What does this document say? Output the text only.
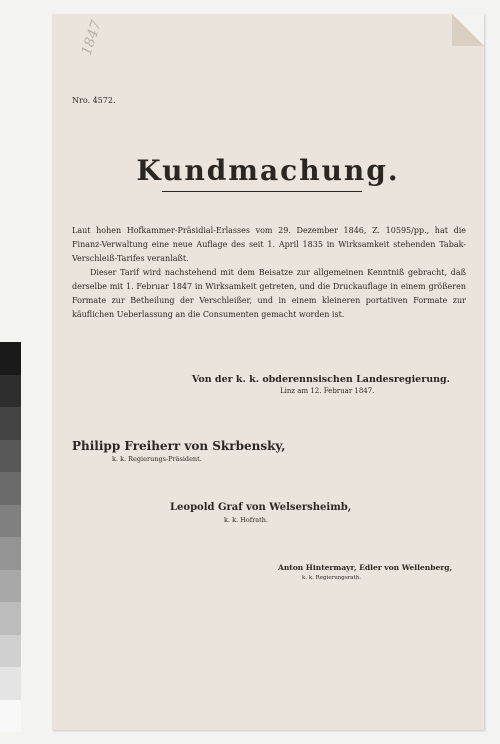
1847
Nro. 4572.
Kundmachung.

Laut hohen Hofkammer-Präsidial-Erlasses vom 29. Dezember 1846, Z. 10595/pp., hat die Finanz-Verwaltung eine neue Auflage des seit 1. April 1835 in Wirksamkeit stehenden Tabak-Verschleiß-Tarifes veranlaßt.

Dieser Tarif wird nachstehend mit dem Beisatze zur allgemeinen Kenntniß gebracht, daß derselbe mit 1. Februar 1847 in Wirksamkeit getreten, und die Druckauflage in einem größeren Formate zur Betheilung der Verschleißer, und in einem kleineren portativen Formate zur käuflichen Ueberlassung an die Consumenten gemacht worden ist.

Von der k. k. obderennsischen Landesregierung.
Linz am 12. Februar 1847.
Philipp Freiherr von Skrbensky,
k. k. Regierungs-Präsident.
Leopold Graf von Welsersheimb,
k. k. Hofrath.
Anton Hintermayr, Edler von Wellenberg,
k. k. Regierungsrath.
